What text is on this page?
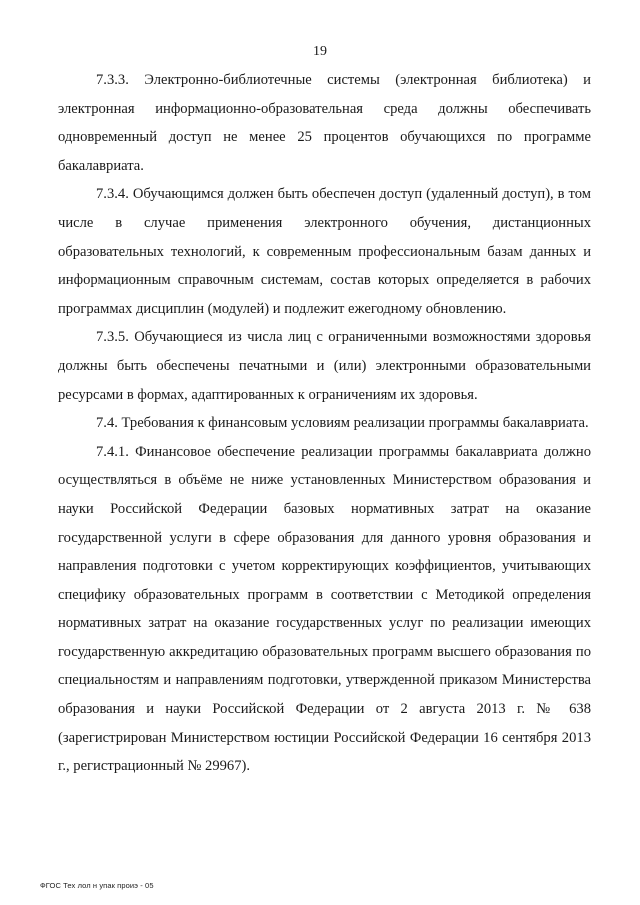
19

7.3.3. Электронно-библиотечные системы (электронная библиотека) и электронная информационно-образовательная среда должны обеспечивать одновременный доступ не менее 25 процентов обучающихся по программе бакалавриата.

7.3.4. Обучающимся должен быть обеспечен доступ (удаленный доступ), в том числе в случае применения электронного обучения, дистанционных образовательных технологий, к современным профессиональным базам данных и информационным справочным системам, состав которых определяется в рабочих программах дисциплин (модулей) и подлежит ежегодному обновлению.

7.3.5. Обучающиеся из числа лиц с ограниченными возможностями здоровья должны быть обеспечены печатными и (или) электронными образовательными ресурсами в формах, адаптированных к ограничениям их здоровья.

7.4. Требования к финансовым условиям реализации программы бакалавриата.

7.4.1. Финансовое обеспечение реализации программы бакалавриата должно осуществляться в объёме не ниже установленных Министерством образования и науки Российской Федерации базовых нормативных затрат на оказание государственной услуги в сфере образования для данного уровня образования и направления подготовки с учетом корректирующих коэффициентов, учитывающих специфику образовательных программ в соответствии с Методикой определения нормативных затрат на оказание государственных услуг по реализации имеющих государственную аккредитацию образовательных программ высшего образования по специальностям и направлениям подготовки, утвержденной приказом Министерства образования и науки Российской Федерации от 2 августа 2013 г. № 638 (зарегистрирован Министерством юстиции Российской Федерации 16 сентября 2013 г., регистрационный № 29967).

ФГОС Тех лол н упак проиэ - 05
